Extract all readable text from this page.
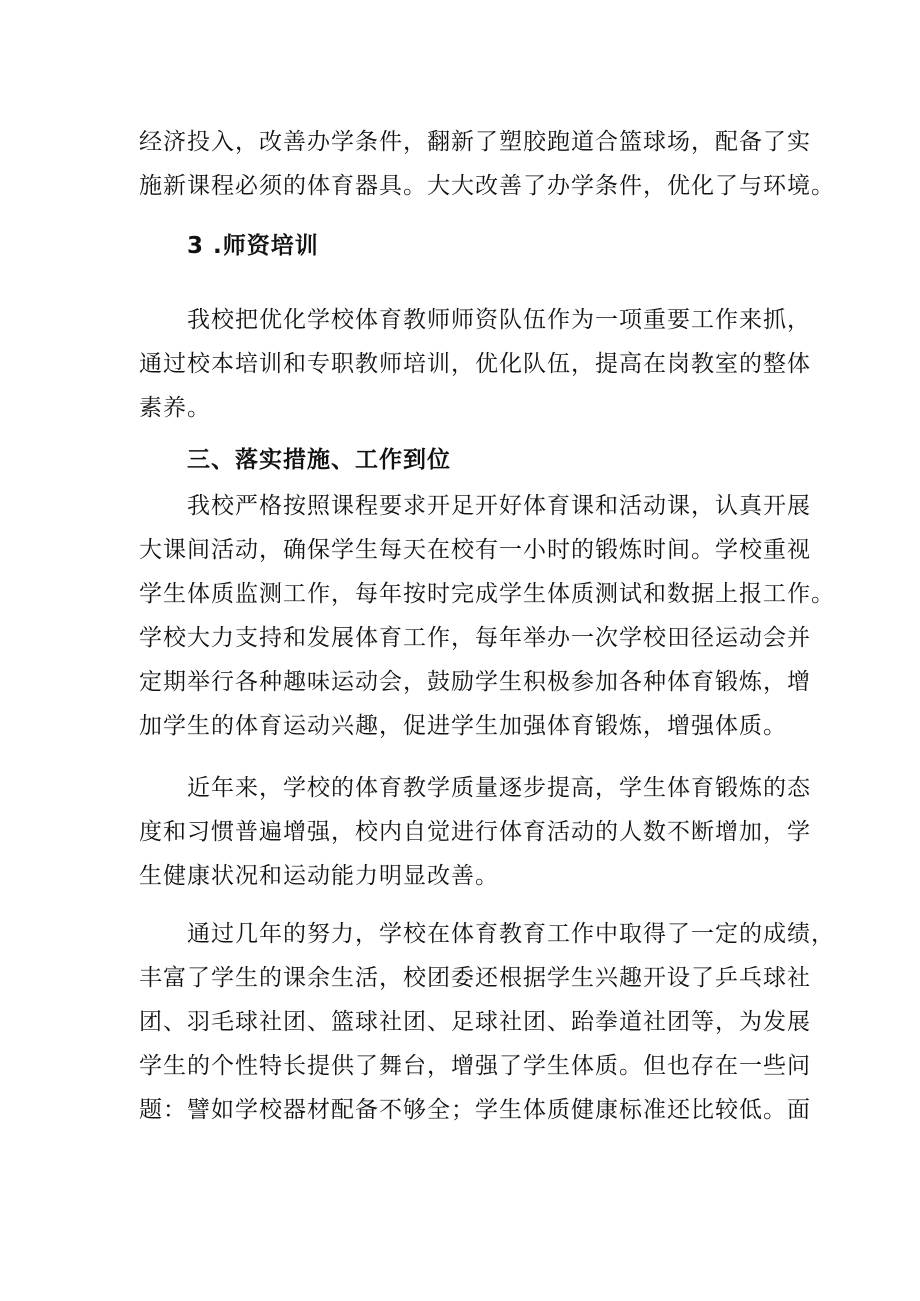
经济投入，改善办学条件，翻新了塑胶跑道合篮球场，配备了实
施新课程必须的体育器具。大大改善了办学条件，优化了与环境。
3 .师资培训
我校把优化学校体育教师师资队伍作为一项重要工作来抓，
通过校本培训和专职教师培训，优化队伍，提高在岗教室的整体
素养。
三、落实措施、工作到位
我校严格按照课程要求开足开好体育课和活动课，认真开展
大课间活动，确保学生每天在校有一小时的锻炼时间。学校重视
学生体质监测工作，每年按时完成学生体质测试和数据上报工作。
学校大力支持和发展体育工作，每年举办一次学校田径运动会并
定期举行各种趣味运动会，鼓励学生积极参加各种体育锻炼，增
加学生的体育运动兴趣，促进学生加强体育锻炼，增强体质。
近年来，学校的体育教学质量逐步提高，学生体育锻炼的态
度和习惯普遍增强，校内自觉进行体育活动的人数不断增加，学
生健康状况和运动能力明显改善。
通过几年的努力，学校在体育教育工作中取得了一定的成绩，
丰富了学生的课余生活，校团委还根据学生兴趣开设了乒乓球社
团、羽毛球社团、篮球社团、足球社团、跆拳道社团等，为发展
学生的个性特长提供了舞台，增强了学生体质。但也存在一些问
题：譬如学校器材配备不够全；学生体质健康标准还比较低。面
